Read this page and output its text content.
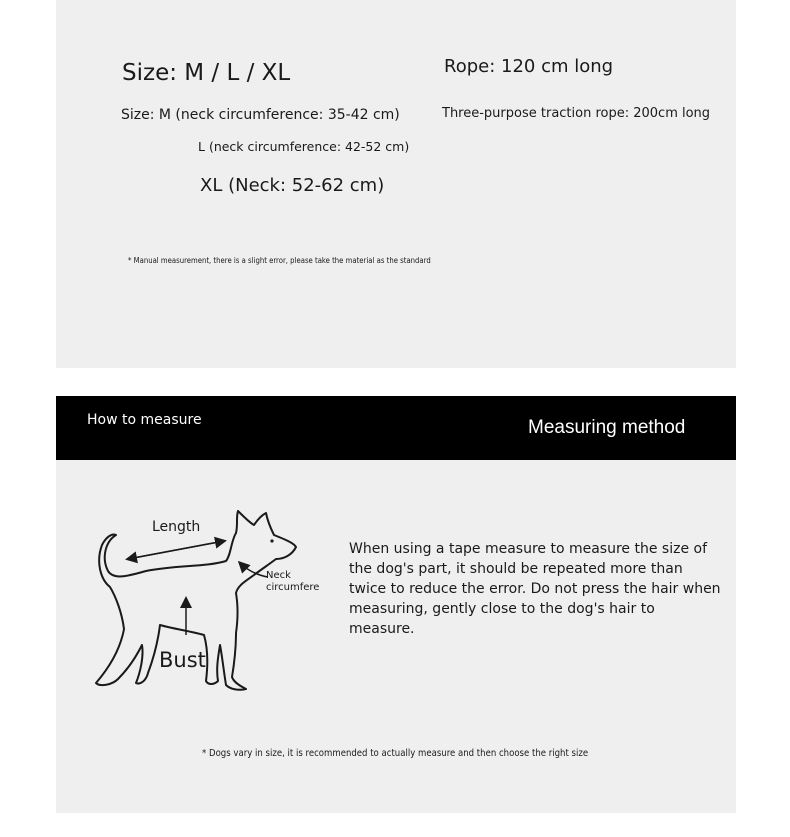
Size: M / L / XL	Rope: 120 cm long
Size: M (neck circumference: 35-42 cm)	Three-purpose traction rope: 200cm long
L (neck circumference: 42-52 cm)
XL (Neck: 52-62 cm)
* Manual measurement, there is a slight error, please take the material as the standard
How to measure	Measuring method
Length
Neck
circumfere
Bust
When using a tape measure to measure the size of the dog's part, it should be repeated more than twice to reduce the error. Do not press the hair when measuring, gently close to the dog's hair to measure.
* Dogs vary in size, it is recommended to actually measure and then choose the right size
